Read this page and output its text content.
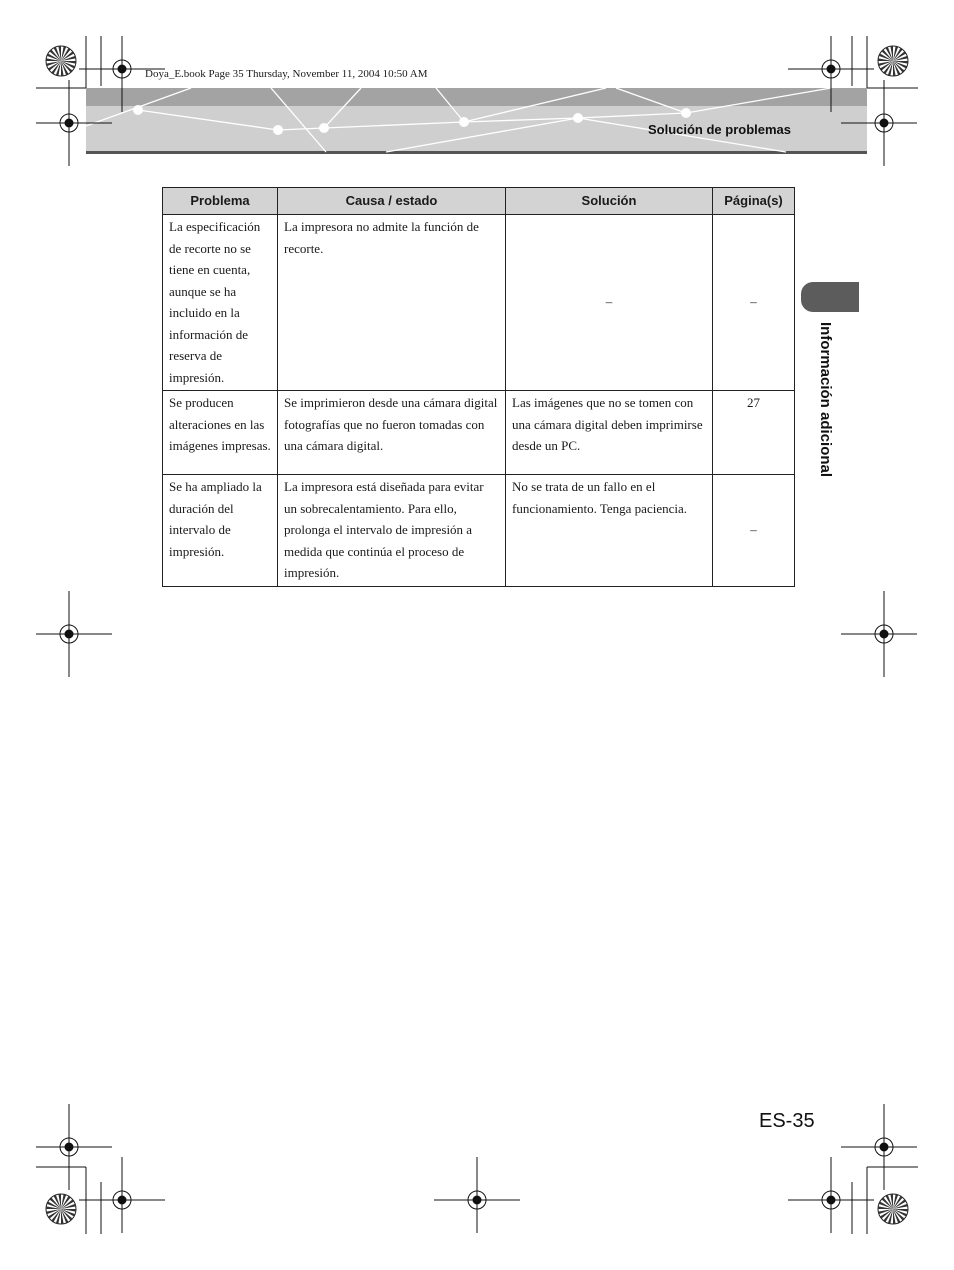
Doya_E.book Page 35 Thursday, November 11, 2004 10:50 AM
Solución de problemas
Problema	Causa / estado	Solución	Página(s)
La especificación de recorte no se tiene en cuenta, aunque se ha incluido en la información de reserva de impresión.	La impresora no admite la función de recorte.	–	–
Se producen alteraciones en las imágenes impresas.	Se imprimieron desde una cámara digital fotografías que no fueron tomadas con una cámara digital.	Las imágenes que no se tomen con una cámara digital deben imprimirse desde un PC.	27
Se ha ampliado la duración del intervalo de impresión.	La impresora está diseñada para evitar un sobrecalentamiento. Para ello, prolonga el intervalo de impresión a medida que continúa el proceso de impresión.	No se trata de un fallo en el funcionamiento. Tenga paciencia.	–
Información adicional
ES-35
